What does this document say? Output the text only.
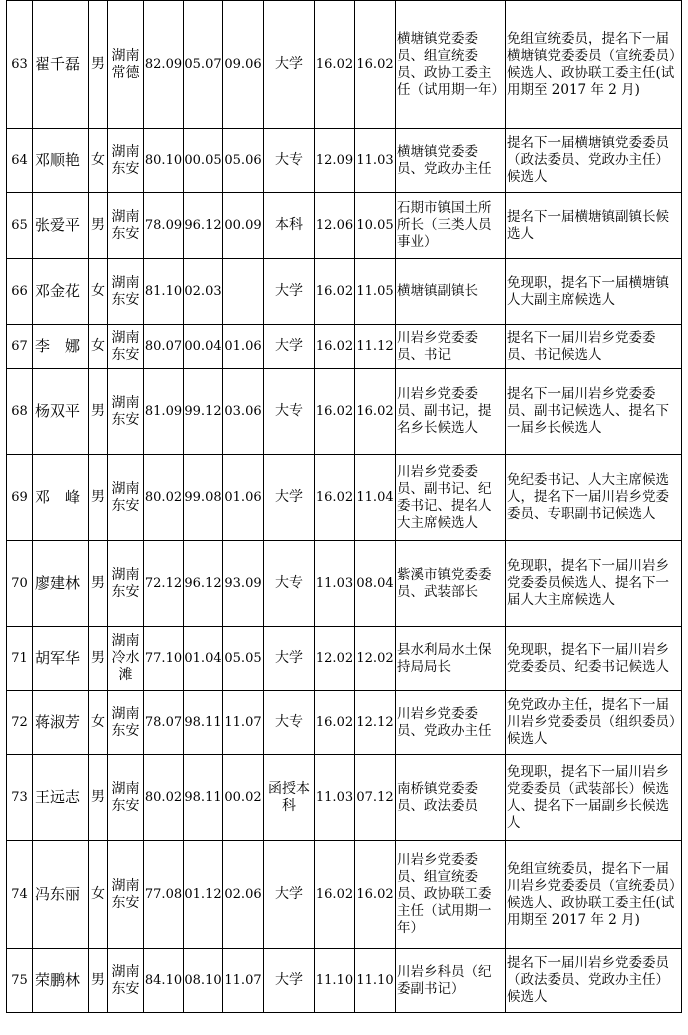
63	翟千磊	男	湖南常德	82.09	05.07	09.06	大学	16.02	16.02	横塘镇党委委员、组宣统委员、政协工委主任（试用期一年）	免组宣统委员，提名下一届横塘镇党委委员（宣统委员）候选人、政协联工委主任(试用期至 2017 年 2 月)
64	邓顺艳	女	湖南东安	80.10	00.05	05.06	大专	12.09	11.03	横塘镇党委委员、党政办主任	提名下一届横塘镇党委委员（政法委员、党政办主任）候选人
65	张爱平	男	湖南东安	78.09	96.12	00.09	本科	12.06	10.05	石期市镇国土所所长（三类人员事业）	提名下一届横塘镇副镇长候选人
66	邓金花	女	湖南东安	81.10	02.03		大学	16.02	11.05	横塘镇副镇长	免现职，提名下一届横塘镇人大副主席候选人
67	李　娜	女	湖南东安	80.07	00.04	01.06	大学	16.02	11.12	川岩乡党委委员、书记	提名下一届川岩乡党委委员、书记候选人
68	杨双平	男	湖南东安	81.09	99.12	03.06	大专	16.02	16.02	川岩乡党委委员、副书记，提名乡长候选人	提名下一届川岩乡党委委员、副书记候选人、提名下一届乡长候选人
69	邓　峰	男	湖南东安	80.02	99.08	01.06	大学	16.02	11.04	川岩乡党委委员、副书记、纪委书记、提名人大主席候选人	免纪委书记、人大主席候选人，提名下一届川岩乡党委委员、专职副书记候选人
70	廖建林	男	湖南东安	72.12	96.12	93.09	大专	11.03	08.04	紫溪市镇党委委员、武装部长	免现职，提名下一届川岩乡党委委员候选人、提名下一届人大主席候选人
71	胡军华	男	湖南冷水滩	77.10	01.04	05.05	大学	12.02	12.02	县水利局水土保持局局长	免现职，提名下一届川岩乡党委委员、纪委书记候选人
72	蒋淑芳	女	湖南东安	78.07	98.11	11.07	大专	16.02	12.12	川岩乡党委委员、党政办主任	免党政办主任，提名下一届川岩乡党委委员（组织委员）候选人
73	王远志	男	湖南东安	80.02	98.11	00.02	函授本科	11.03	07.12	南桥镇党委委员、政法委员	免现职，提名下一届川岩乡党委委员（武装部长）候选人、提名下一届副乡长候选人
74	冯东丽	女	湖南东安	77.08	01.12	02.06	大学	16.02	16.02	川岩乡党委委员、组宣统委员、政协联工委主任（试用期一年）	免组宣统委员，提名下一届川岩乡党委委员（宣统委员）候选人、政协联工委主任(试用期至 2017 年 2 月)
75	荣鹏林	男	湖南东安	84.10	08.10	11.07	大学	11.10	11.10	川岩乡科员（纪委副书记）	提名下一届川岩乡党委委员（政法委员、党政办主任）候选人
